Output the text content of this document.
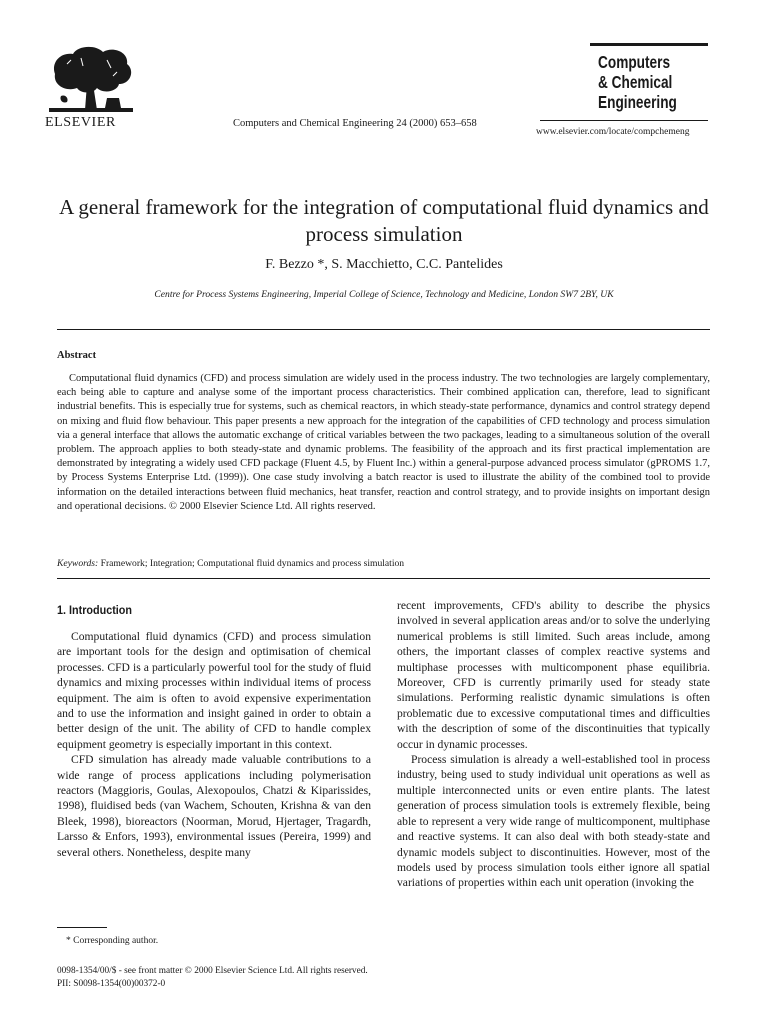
ELSEVIER	Computers and Chemical Engineering 24 (2000) 653–658
Computers
& Chemical
Engineering
www.elsevier.com/locate/compchemeng
A general framework for the integration of computational fluid dynamics and process simulation
F. Bezzo *, S. Macchietto, C.C. Pantelides
Centre for Process Systems Engineering, Imperial College of Science, Technology and Medicine, London SW7 2BY, UK
Abstract
Computational fluid dynamics (CFD) and process simulation are widely used in the process industry. The two technologies are largely complementary, each being able to capture and analyse some of the important process characteristics. Their combined application can, therefore, lead to significant industrial benefits. This is especially true for systems, such as chemical reactors, in which steady-state performance, dynamics and control strategy depend on mixing and fluid flow behaviour. This paper presents a new approach for the integration of the capabilities of CFD technology and process simulation via a general interface that allows the automatic exchange of critical variables between the two packages, leading to a simultaneous solution of the overall problem. The approach applies to both steady-state and dynamic problems. The feasibility of the approach and its first practical implementation are demonstrated by integrating a widely used CFD package (Fluent 4.5, by Fluent Inc.) within a general-purpose advanced process simulator (gPROMS 1.7, by Process Systems Enterprise Ltd. (1999)). One case study involving a batch reactor is used to illustrate the ability of the combined tool to provide information on the detailed interactions between fluid mechanics, heat transfer, reaction and control strategy, and to provide insights on important design and operational decisions. © 2000 Elsevier Science Ltd. All rights reserved.
Keywords: Framework; Integration; Computational fluid dynamics and process simulation
1. Introduction

Computational fluid dynamics (CFD) and process simulation are important tools for the design and optimisation of chemical processes. CFD is a particularly powerful tool for the study of fluid dynamics and mixing processes within individual items of process equipment. The aim is often to avoid expensive experimentation and to use the information and insight gained in order to obtain a better design of the unit. The ability of CFD to handle complex equipment geometry is especially important in this context.

CFD simulation has already made valuable contributions to a wide range of process applications including polymerisation reactors (Maggioris, Goulas, Alexopoulos, Chatzi & Kiparissides, 1998), fluidised beds (van Wachem, Schouten, Krishna & van den Bleek, 1998), bioreactors (Noorman, Morud, Hjertager, Tragardh, Larsso & Enfors, 1993), environmental issues (Pereira, 1999) and several others. Nonetheless, despite many

recent improvements, CFD's ability to describe the physics involved in several application areas and/or to solve the underlying numerical problems is still limited. Such areas include, among others, the important classes of complex reactive systems and multiphase processes with multicomponent phase equilibria. Moreover, CFD is currently primarily used for steady state simulations. Performing realistic dynamic simulations is often problematic due to excessive computational times and difficulties with the description of some of the discontinuities that typically occur in dynamic processes.

Process simulation is already a well-established tool in process industry, being used to study individual unit operations as well as multiple interconnected units or even entire plants. The latest generation of process simulation tools is extremely flexible, being able to represent a very wide range of multicomponent, multiphase and reactive systems. It can also deal with both steady-state and dynamic models subject to discontinuities. However, most of the models used by process simulation tools either ignore all spatial variations of properties within each unit operation (invoking the

* Corresponding author.
0098-1354/00/$ - see front matter © 2000 Elsevier Science Ltd. All rights reserved.
PII: S0098-1354(00)00372-0
